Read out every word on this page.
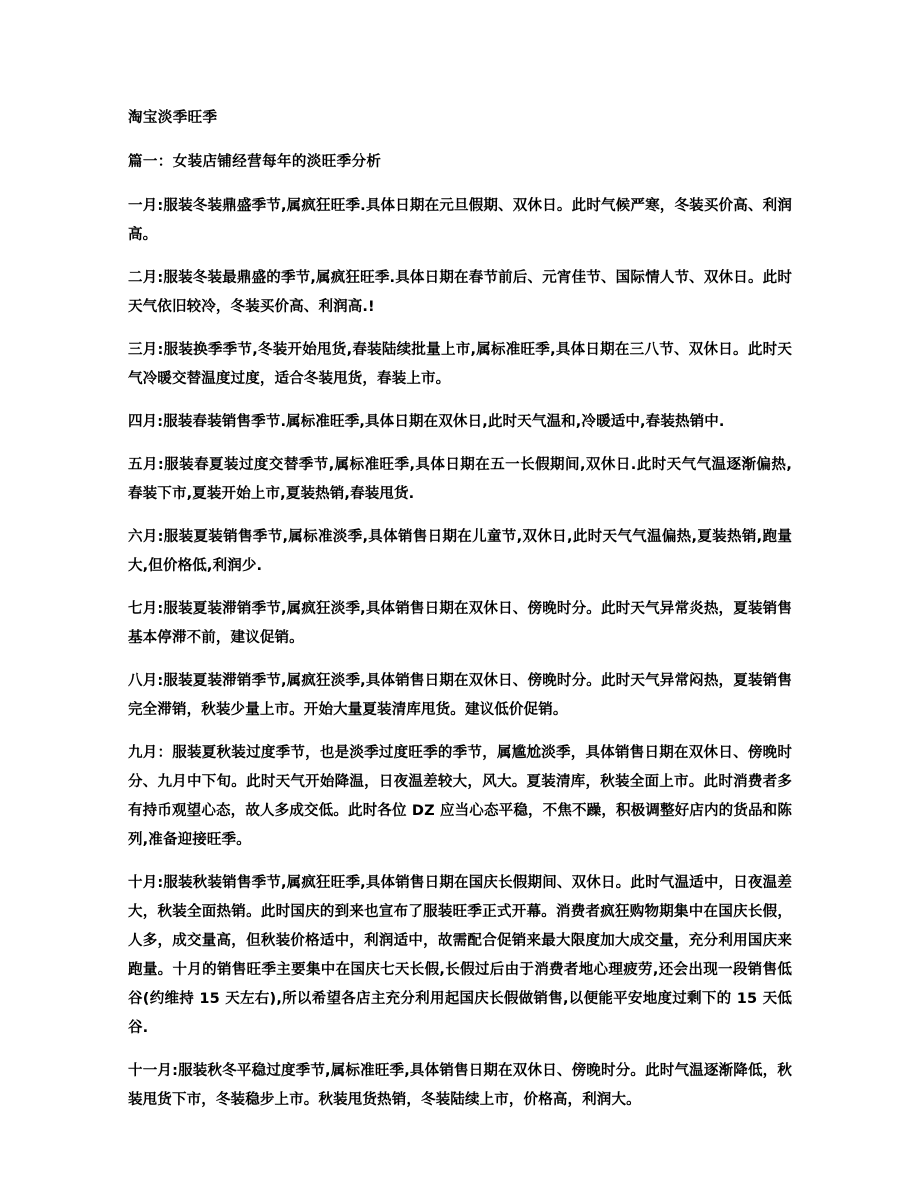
淘宝淡季旺季
篇一：女装店铺经营每年的淡旺季分析

一月:服装冬装鼎盛季节,属疯狂旺季.具体日期在元旦假期、双休日。此时气候严寒，冬装买价高、利润高。

二月:服装冬装最鼎盛的季节,属疯狂旺季.具体日期在春节前后、元宵佳节、国际情人节、双休日。此时天气依旧较冷，冬装买价高、利润高.!

三月:服装换季季节,冬装开始甩货,春装陆续批量上市,属标准旺季,具体日期在三八节、双休日。此时天气冷暖交替温度过度，适合冬装甩货，春装上市。

四月:服装春装销售季节.属标准旺季,具体日期在双休日,此时天气温和,冷暖适中,春装热销中.

五月:服装春夏装过度交替季节,属标准旺季,具体日期在五一长假期间,双休日.此时天气气温逐渐偏热,春装下市,夏装开始上市,夏装热销,春装甩货.

六月:服装夏装销售季节,属标准淡季,具体销售日期在儿童节,双休日,此时天气气温偏热,夏装热销,跑量大,但价格低,利润少.

七月:服装夏装滞销季节,属疯狂淡季,具体销售日期在双休日、傍晚时分。此时天气异常炎热，夏装销售基本停滞不前，建议促销。

八月:服装夏装滞销季节,属疯狂淡季,具体销售日期在双休日、傍晚时分。此时天气异常闷热，夏装销售完全滞销，秋装少量上市。开始大量夏装清库甩货。建议低价促销。

九月：服装夏秋装过度季节，也是淡季过度旺季的季节，属尴尬淡季，具体销售日期在双休日、傍晚时分、九月中下旬。此时天气开始降温，日夜温差较大，风大。夏装清库，秋装全面上市。此时消费者多有持币观望心态，故人多成交低。此时各位 DZ 应当心态平稳，不焦不躁，积极调整好店内的货品和陈列,准备迎接旺季。

十月:服装秋装销售季节,属疯狂旺季,具体销售日期在国庆长假期间、双休日。此时气温适中，日夜温差大，秋装全面热销。此时国庆的到来也宣布了服装旺季正式开幕。消费者疯狂购物期集中在国庆长假，人多，成交量高，但秋装价格适中，利润适中，故需配合促销来最大限度加大成交量，充分利用国庆来跑量。十月的销售旺季主要集中在国庆七天长假,长假过后由于消费者地心理疲劳,还会出现一段销售低谷(约维持 15 天左右),所以希望各店主充分利用起国庆长假做销售,以便能平安地度过剩下的 15 天低谷.

十一月:服装秋冬平稳过度季节,属标准旺季,具体销售日期在双休日、傍晚时分。此时气温逐渐降低，秋装甩货下市，冬装稳步上市。秋装甩货热销，冬装陆续上市，价格高，利润大。
